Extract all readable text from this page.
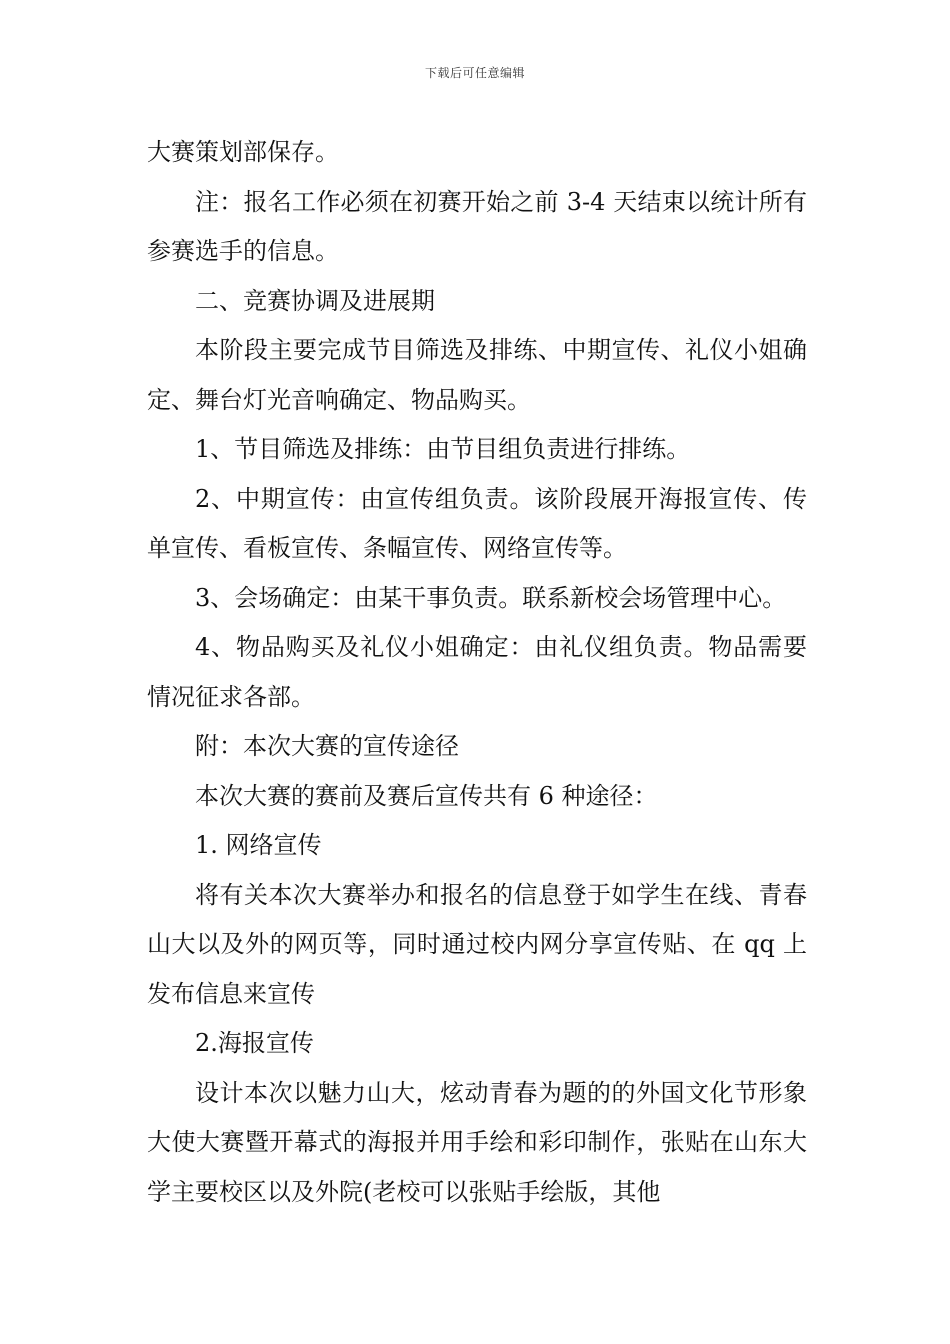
下载后可任意编辑

大赛策划部保存。

注：报名工作必须在初赛开始之前 3-4 天结束以统计所有参赛选手的信息。

二、竞赛协调及进展期

本阶段主要完成节目筛选及排练、中期宣传、礼仪小姐确定、舞台灯光音响确定、物品购买。

1、节目筛选及排练：由节目组负责进行排练。

2、中期宣传：由宣传组负责。该阶段展开海报宣传、传单宣传、看板宣传、条幅宣传、网络宣传等。

3、会场确定：由某干事负责。联系新校会场管理中心。

4、物品购买及礼仪小姐确定：由礼仪组负责。物品需要情况征求各部。

附：本次大赛的宣传途径

本次大赛的赛前及赛后宣传共有 6 种途径：

1. 网络宣传

将有关本次大赛举办和报名的信息登于如学生在线、青春山大以及外的网页等，同时通过校内网分享宣传贴、在 qq 上发布信息来宣传

2.海报宣传

设计本次以魅力山大，炫动青春为题的的外国文化节形象大使大赛暨开幕式的海报并用手绘和彩印制作，张贴在山东大学主要校区以及外院(老校可以张贴手绘版，其他
